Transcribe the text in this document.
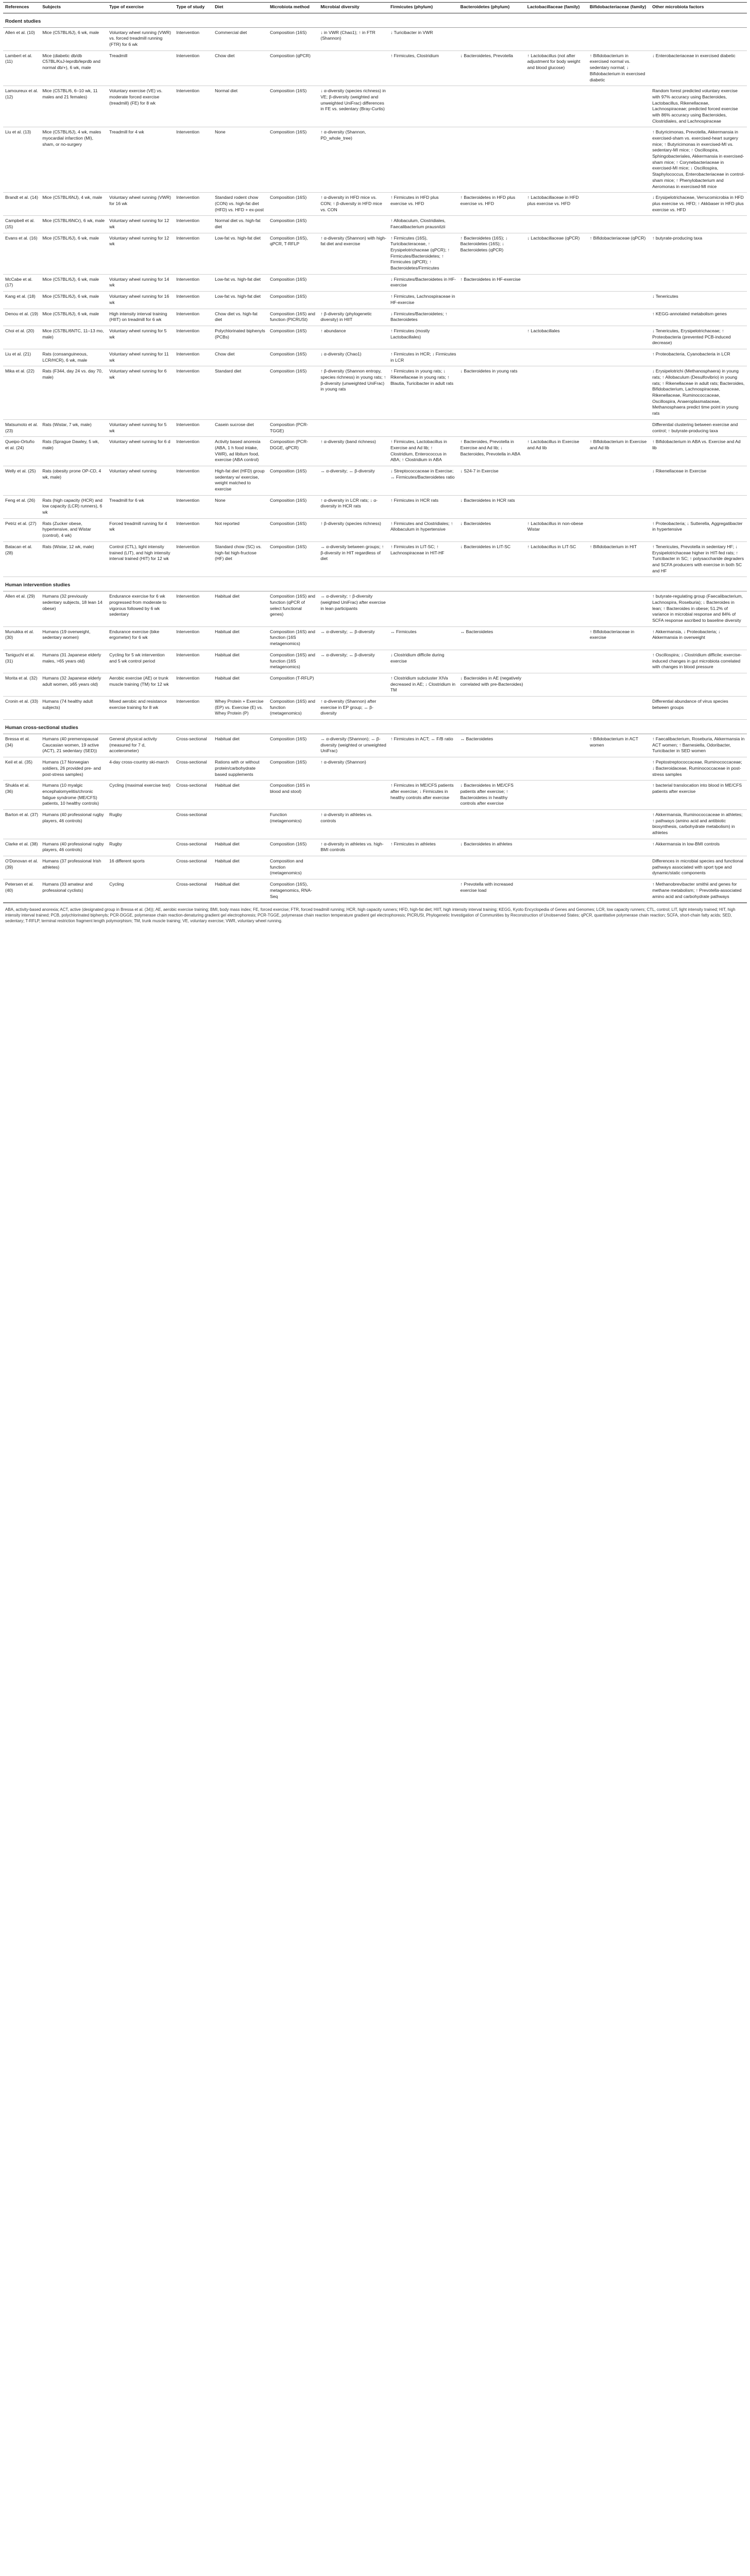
References	Subjects	Type of exercise	Type of study	Diet	Microbiota method	Microbial diversity	Firmicutes (phylum)	Bacteroidetes (phylum)	Lactobacillaceae (family)	Bifidobacteriaceae (family)	Other microbiota factors
Rodent studies											
Allen et al. (10)	Mice (C57BL/6J), 6 wk, male	Voluntary wheel running (VWR) vs. forced treadmill running (FTR) for 6 wk	Intervention	Commercial diet	Composition (16S)	↓ in VWR (Chao1); ↑ in FTR (Shannon)	↓ Turicibacter in VWR				
Lambert et al. (11)	Mice (diabetic db/db C57BL/KsJ-leprdb/leprdb and normal db/+), 6 wk, male	Treadmill	Intervention	Chow diet	Composition (qPCR)		↑ Firmicutes, Clostridium	↓ Bacteroidetes, Prevotella	↑ Lactobacillus (not after adjustment for body weight and blood glucose)	↑ Bifidobacterium in exercised normal vs. sedentary normal; ↓ Bifidobacterium in exercised diabetic	↓ Enterobacteriaceae in exercised diabetic
Lamoureux et al. (12)	Mice (C57BL/6, 6–10 wk, 11 males and 21 females)	Voluntary exercise (VE) vs. moderate forced exercise (treadmill) (FE) for 8 wk	Intervention	Normal diet	Composition (16S)	↓ α-diversity (species richness) in VE; β-diversity (weighted and unweighted UniFrac) differences in FE vs. sedentary (Bray-Curtis)					Random forest predicted voluntary exercise with 97% accuracy using Bacteroides, Lactobacillus, Rikenellaceae, Lachnospiraceae; predicted forced exercise with 86% accuracy using Bacteroides, Clostridiales, and Lachnospiraceae
Liu et al. (13)	Mice (C57BL/6J), 4 wk, males myocardial infarction (MI), sham, or no-surgery	Treadmill for 4 wk	Intervention	None	Composition (16S)	↑ α-diversity (Shannon, PD_whole_tree)					↑ Butyricimonas, Prevotella, Akkermansia in exercised-sham vs. exercised-heart surgery mice; ↑ Butyricimonas in exercised-MI vs. sedentary-MI mice; ↑ Oscillospira, Sphingobacteriales, Akkermansia in exercised-sham mice; ↑ Corynebacteriaceae in exercised-MI mice; ↓ Oscillospira, Staphylococcus, Enterobacteriaceae in control-sham mice; ↑ Phenylobacterium and Aeromonas in exercised-MI mice
Brandt et al. (14)	Mice (C57BL/6NJ), 4 wk, male	Voluntary wheel running (VWR) for 16 wk	Intervention	Standard rodent chow (CON) vs. high-fat diet (HFD) vs. HFD + ex-post	Composition (16S)	↑ α-diversity in HFD mice vs. CON; ↑ β-diversity in HFD mice vs. CON	↑ Firmicutes in HFD plus exercise vs. HFD	↑ Bacteroidetes in HFD plus exercise vs. HFD	↑ Lactobacillaceae in HFD plus exercise vs. HFD		↓ Erysipelotrichaceae, Verrucomicrobia in HFD plus exercise vs. HFD; ↑ Akkbaser in HFD plus exercise vs. HFD
Campbell et al. (15)	Mice (C57BL/6NCr), 6 wk, male	Voluntary wheel running for 12 wk	Intervention	Normal diet vs. high-fat diet	Composition (16S)		↑ Allobaculum, Clostridiales, Faecalibacterium prausnitzii				
Evans et al. (16)	Mice (C57BL/6J), 6 wk, male	Voluntary wheel running for 12 wk	Intervention	Low-fat vs. high-fat diet	Composition (16S), qPCR, T-RFLP	↑ α-diversity (Shannon) with high-fat diet and exercise	↑ Firmicutes (16S), Turicibacteraceae, ↑ Erysipelotrichaceae (qPCR); ↑ Firmicutes/Bacteroidetes; ↑ Firmicutes (qPCR); ↑ Bacteroidetes/Firmicutes	↑ Bacteroidetes (16S); ↓ Bacteroidetes (16S); ↓ Bacteroidetes (qPCR)	↓ Lactobacillaceae (qPCR)	↑ Bifidobacteriaceae (qPCR)	↑ butyrate-producing taxa
McCabe et al. (17)	Mice (C57BL/6J), 6 wk, male	Voluntary wheel running for 14 wk	Intervention	Low-fat vs. high-fat diet	Composition (16S)		↓ Firmicutes/Bacteroidetes in HF-exercise	↑ Bacteroidetes in HF-exercise			
Kang et al. (18)	Mice (C57BL/6J), 6 wk, male	Voluntary wheel running for 16 wk	Intervention	Low-fat vs. high-fat diet	Composition (16S)		↑ Firmicutes, Lachnospiraceae in HF-exercise				↓ Tenericutes
Denou et al. (19)	Mice (C57BL/6J), 6 wk, male	High intensity interval training (HIIT) on treadmill for 6 wk	Intervention	Chow diet vs. high-fat diet	Composition (16S) and function (PICRUSt)	↑ β-diversity (phylogenetic diversity) in HIIT	↓ Firmicutes/Bacteroidetes; ↑ Bacteroidetes				↑ KEGG-annotated metabolism genes
Choi et al. (20)	Mice (C57BL/6NTC, 11–13 mo, male)	Voluntary wheel running for 5 wk	Intervention	Polychlorinated biphenyls (PCBs)	Composition (16S)	↑ abundance	↑ Firmicutes (mostly Lactobacillales)		↑ Lactobacillales		↓ Tenericutes, Erysipelotrichaceae; ↑ Proteobacteria (prevented PCB-induced decrease)
Liu et al. (21)	Rats (consanguineous, LCR/HCR), 6 wk, male	Voluntary wheel running for 11 wk	Intervention	Chow diet	Composition (16S)	↓ α-diversity (Chao1)	↑ Firmicutes in HCR; ↓ Firmicutes in LCR				↑ Proteobacteria, Cyanobacteria in LCR
Mika et al. (22)	Rats (F344, day 24 vs. day 70, male)	Voluntary wheel running for 6 wk	Intervention	Standard diet	Composition (16S)	↑ β-diversity (Shannon entropy, species richness) in young rats; ↑ β-diversity (unweighted UniFrac) in young rats	↑ Firmicutes in young rats; ↓ Rikenellaceae in young rats; ↑ Blautia, Turicibacter in adult rats	↓ Bacteroidetes in young rats			↓ Erysipelotrichi (Methanosphaera) in young rats; ↑ Allobaculum (Desulfovibrio) in young rats; ↑ Rikenellaceae in adult rats; Bacteroides, Bifidobacterium, Lachnospiraceae, Rikenellaceae, Ruminococcaceae, Oscillospira, Anaeroplasmataceae, Methanosphaera predict time point in young rats
Matsumoto et al. (23)	Rats (Wistar, 7 wk, male)	Voluntary wheel running for 5 wk	Intervention	Casein sucrose diet	Composition (PCR-TGGE)						Differential clustering between exercise and control; ↑ butyrate-producing taxa
Queipo-Ortuño et al. (24)	Rats (Sprague Dawley, 5 wk, male)	Voluntary wheel running for 6 d	Intervention	Activity based anorexia (ABA, 1 h food intake, VWR), ad libitum food, exercise (ABA control)	Composition (PCR-DGGE, qPCR)	↑ α-diversity (band richness)	↑ Firmicutes, Lactobacillus in Exercise and Ad lib; ↑ Clostridium, Enterococcus in ABA; ↑ Clostridium in ABA	↑ Bacteroides, Prevotella in Exercise and Ad lib; ↓ Bacteroides, Prevotella in ABA	↑ Lactobacillus in Exercise and Ad lib	↑ Bifidobacterium in Exercise and Ad lib	↑ Bifidobacterium in ABA vs. Exercise and Ad lib
Welly et al. (25)	Rats (obesity prone OP-CD, 4 wk, male)	Voluntary wheel running	Intervention	High-fat diet (HFD) group sedentary w/ exercise, weight matched to exercise	Composition (16S)	↔ α-diversity; ↔ β-diversity	↓ Streptococcaceae in Exercise; ↔ Firmicutes/Bacteroidetes ratio	↓ S24-7 in Exercise			↓ Rikenellaceae in Exercise
Feng et al. (26)	Rats (high capacity (HCR) and low capacity (LCR) runners), 6 wk	Treadmill for 6 wk	Intervention	None	Composition (16S)	↑ α-diversity in LCR rats; ↓ α-diversity in HCR rats	↑ Firmicutes in HCR rats	↓ Bacteroidetes in HCR rats			
Petriz et al. (27)	Rats (Zucker obese, hypertensive, and Wistar (control), 4 wk)	Forced treadmill running for 4 wk	Intervention	Not reported	Composition (16S)	↑ β-diversity (species richness)	↑ Firmicutes and Clostridiales; ↑ Allobaculum in hypertensive	↓ Bacteroidetes	↑ Lactobacillus in non-obese Wistar		↑ Proteobacteria; ↓ Sutterella, Aggregatibacter in hypertensive
Batacan et al. (28)	Rats (Wistar, 12 wk, male)	Control (CTL), light intensity trained (LIT), and high intensity interval trained (HIT) for 12 wk	Intervention	Standard chow (SC) vs. high-fat high-fructose (HF) diet	Composition (16S)	↔ α-diversity between groups; ↑ β-diversity in HIT regardless of diet	↑ Firmicutes in LIT-SC; ↑ Lachnospiraceae in HIT-HF	↓ Bacteroidetes in LIT-SC	↑ Lactobacillus in LIT-SC	↑ Bifidobacterium in HIT	↑ Tenericutes, Prevotella in sedentary HF; ↓ Erysipelotrichaceae higher in HIT-fed rats; ↑ Turicibacter in SC; ↑ polysaccharide degraders and SCFA producers with exercise in both SC and HF
Human intervention studies											
Allen et al. (29)	Humans (32 previously sedentary subjects, 18 lean 14 obese)	Endurance exercise for 6 wk progressed from moderate to vigorous followed by 6 wk sedentary	Intervention	Habitual diet	Composition (16S) and function (qPCR of select functional genes)	↔ α-diversity; ↑ β-diversity (weighted UniFrac) after exercise in lean participants					↑ butyrate-regulating group (Faecalibacterium, Lachnospira, Roseburia); ↓ Bacteroides in lean; ↑ Bacteroides in obese; 51.2% of variance in microbial response and 84% of SCFA response ascribed to baseline diversity
Munukka et al. (30)	Humans (19 overweight, sedentary women)	Endurance exercise (bike ergometer) for 6 wk	Intervention	Habitual diet	Composition (16S) and function (16S metagenomics)	↔ α-diversity; ↔ β-diversity	↔ Firmicutes	↔ Bacteroidetes		↑ Bifidobacteriaceae in exercise	↑ Akkermansia, ↓ Proteobacteria; ↓ Akkermansia in overweight
Taniguchi et al. (31)	Humans (31 Japanese elderly males, >65 years old)	Cycling for 5 wk intervention and 5 wk control period	Intervention	Habitual diet	Composition (16S) and function (16S metagenomics)	↔ α-diversity; ↔ β-diversity	↓ Clostridium difficile during exercise				↑ Oscillospira; ↓ Clostridium difficile; exercise-induced changes in gut microbiota correlated with changes in blood pressure
Morita et al. (32)	Humans (32 Japanese elderly adult women, ≥65 years old)	Aerobic exercise (AE) or trunk muscle training (TM) for 12 wk	Intervention	Habitual diet	Composition (T-RFLP)		↑ Clostridium subcluster XIVa decreased in AE; ↓ Clostridium in TM	↓ Bacteroides in AE (negatively correlated with pre-Bacteroides)			
Cronin et al. (33)	Humans (74 healthy adult subjects)	Mixed aerobic and resistance exercise training for 8 wk	Intervention	Whey Protein + Exercise (EP) vs. Exercise (E) vs. Whey Protein (P)	Composition (16S) and function (metagenomics)	↑ α-diversity (Shannon) after exercise in EP group; ↔ β-diversity					Differential abundance of virus species between groups
Human cross-sectional studies											
Bressa et al. (34)	Humans (40 premenopausal Caucasian women, 19 active (ACT), 21 sedentary (SED))	General physical activity (measured for 7 d, accelerometer)	Cross-sectional	Habitual diet	Composition (16S)	↔ α-diversity (Shannon); ↔ β-diversity (weighted or unweighted UniFrac)	↑ Firmicutes in ACT; ↔ F/B ratio	↔ Bacteroidetes		↑ Bifidobacterium in ACT women	↑ Faecalibacterium, Roseburia, Akkermansia in ACT women; ↑ Barnesiella, Odoribacter, Turicibacter in SED women
Keil et al. (35)	Humans (17 Norwegian soldiers, 26 provided pre- and post-stress samples)	4-day cross-country ski-march	Cross-sectional	Rations with or without protein/carbohydrate based supplements	Composition (16S)	↑ α-diversity (Shannon)					↑ Peptostreptococcaceae, Ruminococcaceae; ↓ Bacteroidaceae, Ruminococcaceae in post-stress samples
Shukla et al. (36)	Humans (10 myalgic encephalomyelitis/chronic fatigue syndrome (ME/CFS) patients, 10 healthy controls)	Cycling (maximal exercise test)	Cross-sectional	Habitual diet	Composition (16S in blood and stool)		↑ Firmicutes in ME/CFS patients after exercise; ↓ Firmicutes in healthy controls after exercise	↓ Bacteroidetes in ME/CFS patients after exercise; ↑ Bacteroidetes in healthy controls after exercise			↑ bacterial translocation into blood in ME/CFS patients after exercise
Barton et al. (37)	Humans (40 professional rugby players, 46 controls)	Rugby	Cross-sectional		Function (metagenomics)	↑ α-diversity in athletes vs. controls					↑ Akkermansia, Ruminococcaceae in athletes; ↑ pathways (amino acid and antibiotic biosynthesis, carbohydrate metabolism) in athletes
Clarke et al. (38)	Humans (40 professional rugby players, 46 controls)	Rugby	Cross-sectional	Habitual diet	Composition (16S)	↑ α-diversity in athletes vs. high-BMI controls	↑ Firmicutes in athletes	↓ Bacteroidetes in athletes			↑ Akkermansia in low-BMI controls
O'Donovan et al. (39)	Humans (37 professional Irish athletes)	16 different sports	Cross-sectional	Habitual diet	Composition and function (metagenomics)						Differences in microbial species and functional pathways associated with sport type and dynamic/static components
Petersen et al. (40)	Humans (33 amateur and professional cyclists)	Cycling	Cross-sectional	Habitual diet	Composition (16S), metagenomics, RNA-Seq			↑ Prevotella with increased exercise load			↑ Methanobrevibacter smithii and genes for methane metabolism; ↑ Prevotella-associated amino acid and carbohydrate pathways
ABA, activity-based anorexia; ACT, active (designated group in Bressa et al. (34)); AE, aerobic exercise training; BMI, body mass index; FE, forced exercise; FTR, forced treadmill running; HCR, high capacity runners; HFD, high-fat diet; HIIT, high intensity interval training; KEGG, Kyoto Encyclopedia of Genes and Genomes; LCR, low capacity runners; CTL, control; LIT, light intensity trained; HIT, high intensity interval trained; PCB, polychlorinated biphenyls; PCR-DGGE, polymerase chain reaction-denaturing gradient gel electrophoresis; PCR-TGGE, polymerase chain reaction temperature gradient gel electrophoresis; PICRUSt, Phylogenetic Investigation of Communities by Reconstruction of Unobserved States; qPCR, quantitative polymerase chain reaction; SCFA, short-chain fatty acids; SED, sedentary; T-RFLP, terminal restriction fragment length polymorphism; TM, trunk muscle training; VE, voluntary exercise; VWR, voluntary wheel running.
